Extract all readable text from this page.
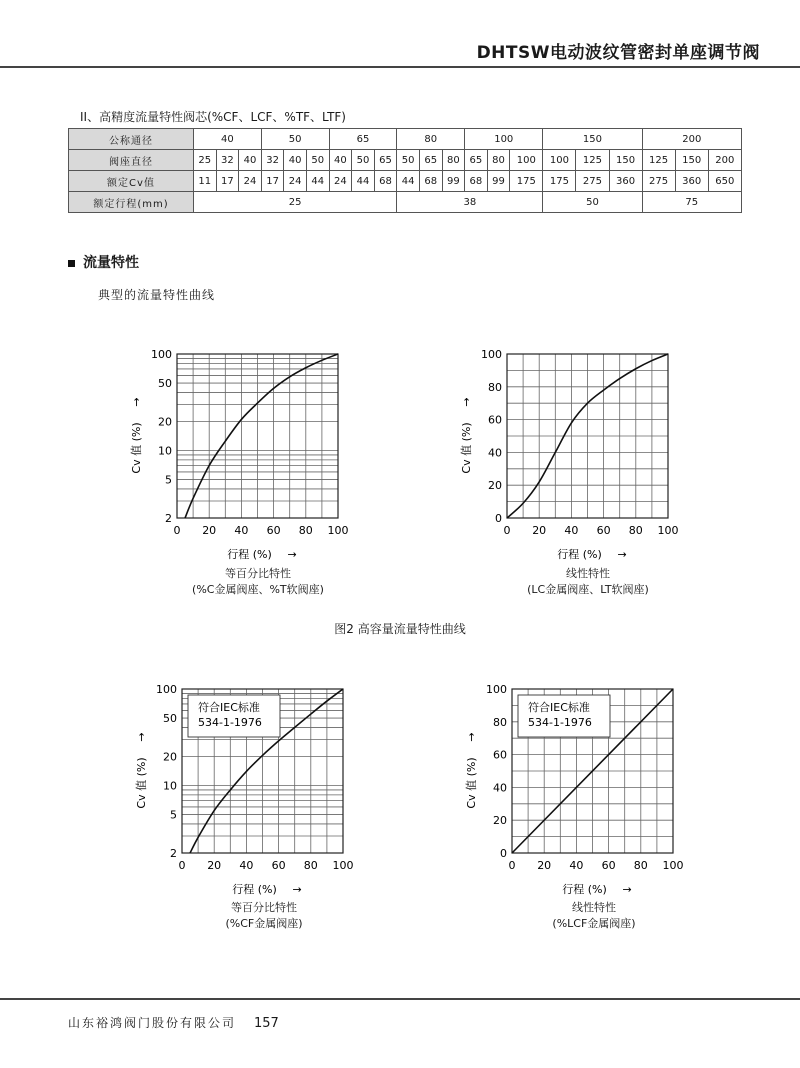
DHTSW电动波纹管密封单座调节阀
II、高精度流量特性阀芯(%CF、LCF、%TF、LTF)
公称通径	40			50			65			80			100			150			200		
阀座直径	25	32	40	32	40	50	40	50	65	50	65	80	65	80	100	100	125	150	125	150	200
额定Cv值	11	17	24	17	24	44	24	44	68	44	68	99	68	99	175	175	275	360	275	360	650
额定行程(mm)	25									38						50			75		
流量特性
典型的流量特性曲线
100
50
20
10
5
2
0 20 40 60 80 100
行程 (%) →
Cv 值 (%)
→
100
80
60
40
20
0
0 20 40 60 80 100
行程 (%) →
Cv 值 (%)
→
等百分比特性
(%C金属阀座、%T软阀座)
线性特性
(LC金属阀座、LT软阀座)
图2 高容量流量特性曲线
100
50
20
10
5
2
0 20 40 60 80 100
行程 (%) →
Cv 值 (%)
→
符合IEC标准
534-1-1976
100
80
60
40
20
0
0 20 40 60 80 100
行程 (%) →
Cv 值 (%)
→
符合IEC标准
534-1-1976
等百分比特性
(%CF金属阀座)
线性特性
(%LCF金属阀座)
山东裕鸿阀门股份有限公司 157
